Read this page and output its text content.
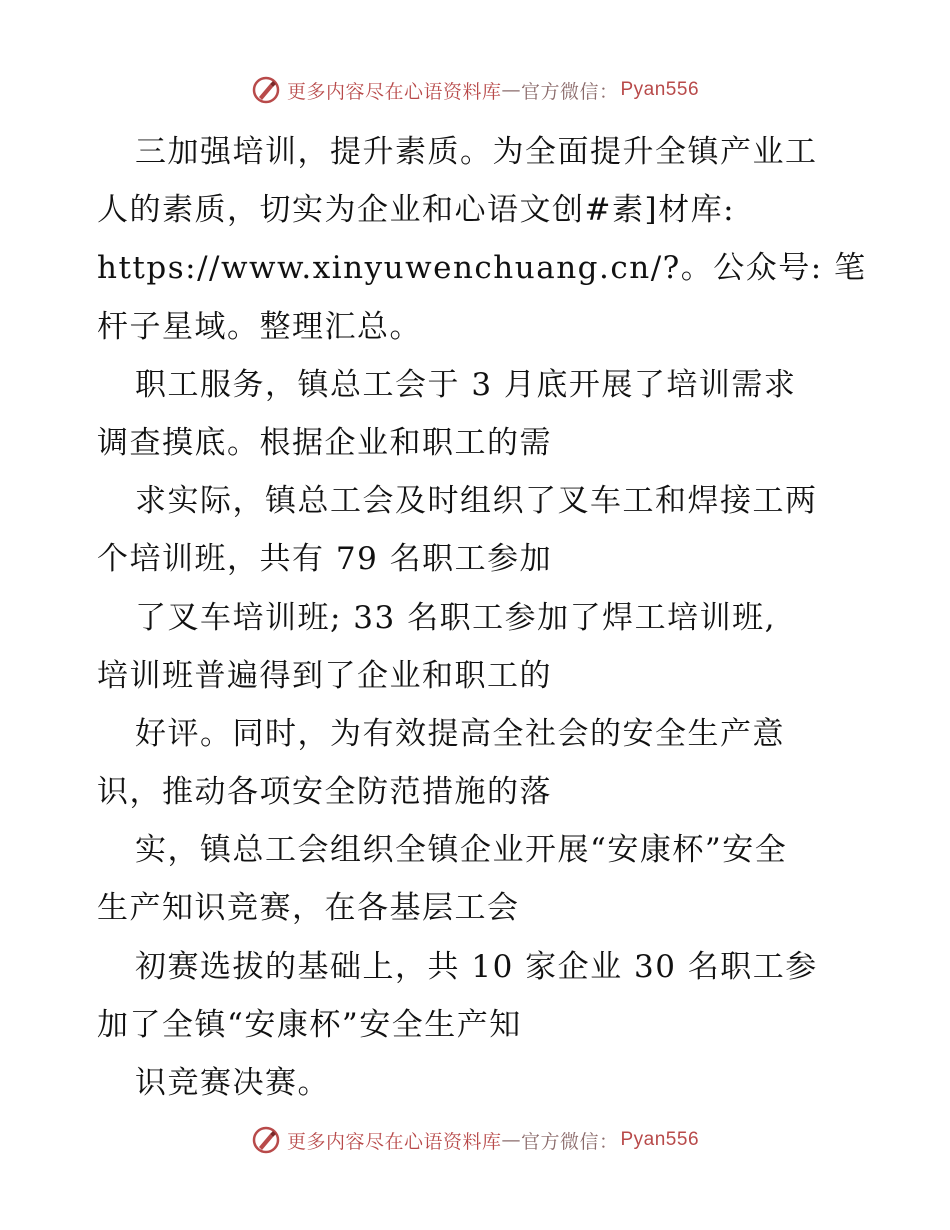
更多内容尽在心语资料库 — 官方微信： Pyan556
三加强培训，提升素质。为全面提升全镇产业工
人的素质，切实为企业和心语文创#素]材库:
https://www.xinyuwenchuang.cn/?。公众号: 笔
杆子星域。整理汇总。
职工服务，镇总工会于 3 月底开展了培训需求
调查摸底。根据企业和职工的需
求实际，镇总工会及时组织了叉车工和焊接工两
个培训班，共有 79 名职工参加
了叉车培训班; 33 名职工参加了焊工培训班,
培训班普遍得到了企业和职工的
好评。同时，为有效提高全社会的安全生产意
识，推动各项安全防范措施的落
实，镇总工会组织全镇企业开展“安康杯”安全
生产知识竞赛，在各基层工会
初赛选拔的基础上，共 10 家企业 30 名职工参
加了全镇“安康杯”安全生产知
识竞赛决赛。
更多内容尽在心语资料库 — 官方微信： Pyan556
